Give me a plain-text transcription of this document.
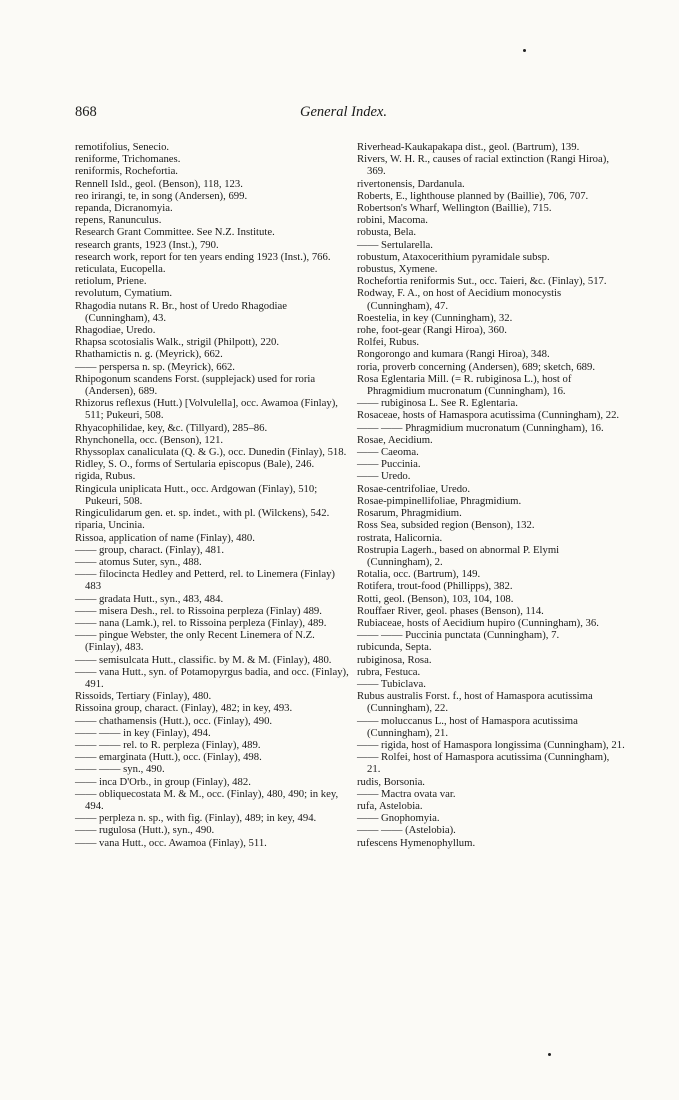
868	General Index.
remotifolius, Senecio.
reniforme, Trichomanes.
reniformis, Rochefortia.
Rennell Isld., geol. (Benson), 118, 123.
reo irirangi, te, in song (Andersen), 699.
repanda, Dicranomyia.
repens, Ranunculus.
Research Grant Committee. See N.Z. Institute.
research grants, 1923 (Inst.), 790.
research work, report for ten years ending 1923 (Inst.), 766.
reticulata, Eucopella.
retiolum, Priene.
revolutum, Cymatium.
Rhagodia nutans R. Br., host of Uredo Rhagodiae (Cunningham), 43.
Rhagodiae, Uredo.
Rhapsa scotosialis Walk., strigil (Philpott), 220.
Rhathamictis n. g. (Meyrick), 662.
—— perspersa n. sp. (Meyrick), 662.
Rhipogonum scandens Forst. (supplejack) used for roria (Andersen), 689.
Rhizorus reflexus (Hutt.) [Volvulella], occ. Awamoa (Finlay), 511; Pukeuri, 508.
Rhyacophilidae, key, &c. (Tillyard), 285–86.
Rhynchonella, occ. (Benson), 121.
Rhyssoplax canaliculata (Q. & G.), occ. Dunedin (Finlay), 518.
Ridley, S. O., forms of Sertularia episcopus (Bale), 246.
rigida, Rubus.
Ringicula uniplicata Hutt., occ. Ardgowan (Finlay), 510; Pukeuri, 508.
Ringiculidarum gen. et. sp. indet., with pl. (Wilckens), 542.
riparia, Uncinia.
Rissoa, application of name (Finlay), 480.
—— group, charact. (Finlay), 481.
—— atomus Suter, syn., 488.
—— filocincta Hedley and Petterd, rel. to Linemera (Finlay) 483
—— gradata Hutt., syn., 483, 484.
—— misera Desh., rel. to Rissoina perpleza (Finlay) 489.
—— nana (Lamk.), rel. to Rissoina perpleza (Finlay), 489.
—— pingue Webster, the only Recent Linemera of N.Z. (Finlay), 483.
—— semisulcata Hutt., classific. by M. & M. (Finlay), 480.
—— vana Hutt., syn. of Potamopyrgus badia, and occ. (Finlay), 491.
Rissoids, Tertiary (Finlay), 480.
Rissoina group, charact. (Finlay), 482; in key, 493.
—— chathamensis (Hutt.), occ. (Finlay), 490.
—— —— in key (Finlay), 494.
—— —— rel. to R. perpleza (Finlay), 489.
—— emarginata (Hutt.), occ. (Finlay), 498.
—— —— syn., 490.
—— inca D'Orb., in group (Finlay), 482.
—— obliquecostata M. & M., occ. (Finlay), 480, 490; in key, 494.
—— perpleza n. sp., with fig. (Finlay), 489; in key, 494.
—— rugulosa (Hutt.), syn., 490.
—— vana Hutt., occ. Awamoa (Finlay), 511.
Riverhead-Kaukapakapa dist., geol. (Bartrum), 139.
Rivers, W. H. R., causes of racial extinction (Rangi Hiroa), 369.
rivertonensis, Dardanula.
Roberts, E., lighthouse planned by (Baillie), 706, 707.
Robertson's Wharf, Wellington (Baillie), 715.
robini, Macoma.
robusta, Bela.
—— Sertularella.
robustum, Ataxocerithium pyramidale subsp.
robustus, Xymene.
Rochefortia reniformis Sut., occ. Taieri, &c. (Finlay), 517.
Rodway, F. A., on host of Aecidium monocystis (Cunningham), 47.
Roestelia, in key (Cunningham), 32.
rohe, foot-gear (Rangi Hiroa), 360.
Rolfei, Rubus.
Rongorongo and kumara (Rangi Hiroa), 348.
roria, proverb concerning (Andersen), 689; sketch, 689.
Rosa Eglentaria Mill. (= R. rubiginosa L.), host of Phragmidium mucronatum (Cunningham), 16.
—— rubiginosa L. See R. Eglentaria.
Rosaceae, hosts of Hamaspora acutissima (Cunningham), 22.
—— —— Phragmidium mucronatum (Cunningham), 16.
Rosae, Aecidium.
—— Caeoma.
—— Puccinia.
—— Uredo.
Rosae-centrifoliae, Uredo.
Rosae-pimpinellifoliae, Phragmidium.
Rosarum, Phragmidium.
Ross Sea, subsided region (Benson), 132.
rostrata, Halicornia.
Rostrupia Lagerh., based on abnormal P. Elymi (Cunningham), 2.
Rotalia, occ. (Bartrum), 149.
Rotifera, trout-food (Phillipps), 382.
Rotti, geol. (Benson), 103, 104, 108.
Rouffaer River, geol. phases (Benson), 114.
Rubiaceae, hosts of Aecidium hupiro (Cunningham), 36.
—— —— Puccinia punctata (Cunningham), 7.
rubicunda, Septa.
rubiginosa, Rosa.
rubra, Festuca.
—— Tubiclava.
Rubus australis Forst. f., host of Hamaspora acutissima (Cunningham), 22.
—— moluccanus L., host of Hamaspora acutissima (Cunningham), 21.
—— rigida, host of Hamaspora longissima (Cunningham), 21.
—— Rolfei, host of Hamaspora acutissima (Cunningham), 21.
rudis, Borsonia.
—— Mactra ovata var.
rufa, Astelobia.
—— Gnophomyia.
—— —— (Astelobia).
rufescens Hymenophyllum.
